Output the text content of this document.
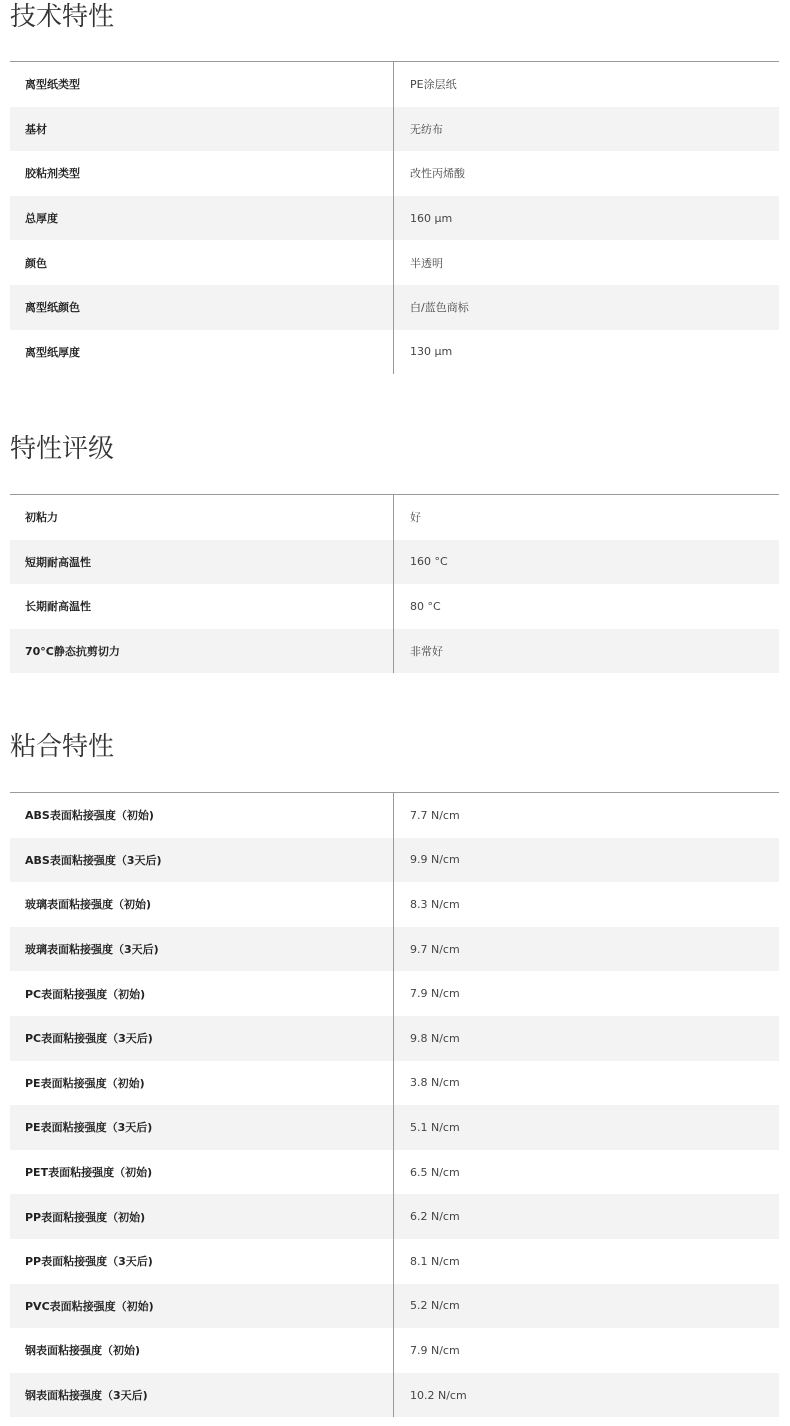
技术特性
离型纸类型	PE涂层纸
基材	无纺布
胶粘剂类型	改性丙烯酸
总厚度	160 µm
颜色	半透明
离型纸颜色	白/蓝色商标
离型纸厚度	130 µm
特性评级
初粘力	好
短期耐高温性	160 °C
长期耐高温性	80 °C
70°C静态抗剪切力	非常好
粘合特性
ABS表面粘接强度（初始)	7.7 N/cm
ABS表面粘接强度（3天后)	9.9 N/cm
玻璃表面粘接强度（初始)	8.3 N/cm
玻璃表面粘接强度（3天后)	9.7 N/cm
PC表面粘接强度（初始)	7.9 N/cm
PC表面粘接强度（3天后)	9.8 N/cm
PE表面粘接强度（初始)	3.8 N/cm
PE表面粘接强度（3天后)	5.1 N/cm
PET表面粘接强度（初始)	6.5 N/cm
PP表面粘接强度（初始)	6.2 N/cm
PP表面粘接强度（3天后)	8.1 N/cm
PVC表面粘接强度（初始)	5.2 N/cm
钢表面粘接强度（初始)	7.9 N/cm
钢表面粘接强度（3天后)	10.2 N/cm
